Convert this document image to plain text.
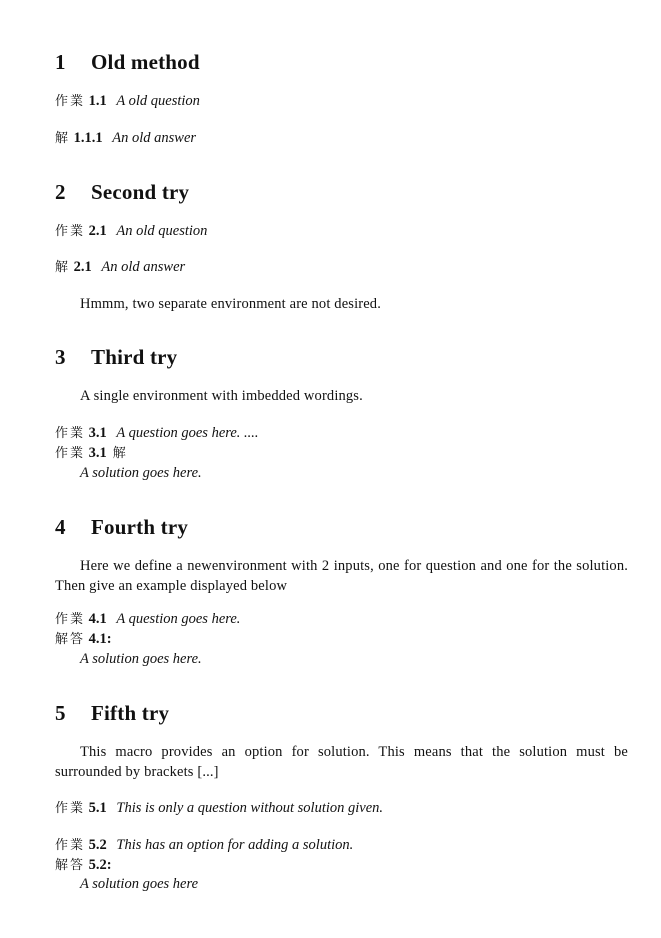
1 Old method
作業 1.1 A old question
解 1.1.1 An old answer
2 Second try
作業 2.1 An old question
解 2.1 An old answer
Hmmm, two separate environment are not desired.
3 Third try
A single environment with imbedded wordings.
作業 3.1 A question goes here. ....
作業 3.1 解
A solution goes here.
4 Fourth try
Here we define a newenvironment with 2 inputs, one for question and one for the solution. Then give an example displayed below
作業 4.1 A question goes here.
解答 4.1:
A solution goes here.
5 Fifth try
This macro provides an option for solution. This means that the solution must be surrounded by brackets [...]
作業 5.1 This is only a question without solution given.
作業 5.2 This has an option for adding a solution.
解答 5.2:
A solution goes here
